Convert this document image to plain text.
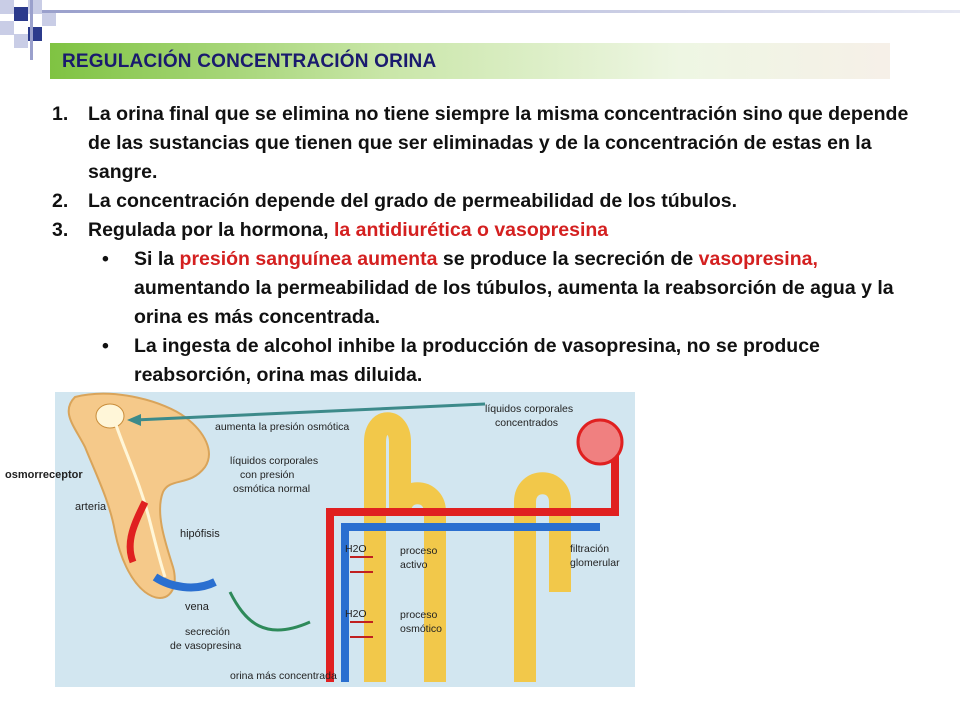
REGULACIÓN CONCENTRACIÓN ORINA
1. La orina final que se elimina no tiene siempre la misma concentración sino que depende de las sustancias que tienen que ser eliminadas y de la concentración de estas en la sangre.
2. La concentración depende del grado de permeabilidad de los túbulos.
3. Regulada por la hormona, la antidiurética o vasopresina
• Si la presión sanguínea aumenta se produce la secreción de vasopresina, aumentando la permeabilidad de los túbulos, aumenta la reabsorción de agua y la orina es más concentrada.
• La ingesta de alcohol inhibe la producción de vasopresina, no se produce reabsorción, orina mas diluida.
osmorreceptor
aumenta la presión osmótica
líquidos corporales
concentrados
líquidos corporales
con presión
osmótica normal
arteria
hipófisis
vena
secreción
de vasopresina
H2O
H2O
proceso
activo
proceso
osmótico
filtración
glomerular
orina más concentrada
